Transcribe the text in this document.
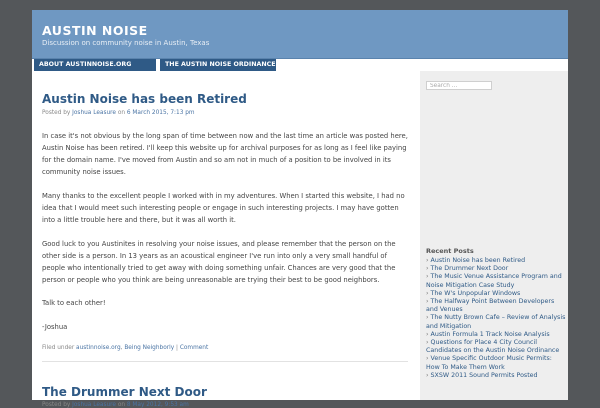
AUSTIN NOISE
Discussion on community noise in Austin, Texas
ABOUT AUSTINNOISE.ORG	THE AUSTIN NOISE ORDINANCE
Austin Noise has been Retired
Posted by Joshua Leasure on 6 March 2015, 7:13 pm

In case it's not obvious by the long span of time between now and the last time an article was posted here, Austin Noise has been retired. I'll keep this website up for archival purposes for as long as I feel like paying for the domain name. I've moved from Austin and so am not in much of a position to be involved in its community noise issues.

Many thanks to the excellent people I worked with in my adventures. When I started this website, I had no idea that I would meet such interesting people or engage in such interesting projects. I may have gotten into a little trouble here and there, but it was all worth it.

Good luck to you Austinites in resolving your noise issues, and please remember that the person on the other side is a person. In 13 years as an acoustical engineer I've run into only a very small handful of people who intentionally tried to get away with doing something unfair. Chances are very good that the person or people who you think are being unreasonable are trying their best to be good neighbors.

Talk to each other!

-Joshua

Filed under austinnoise.org, Being Neighborly | Comment
The Drummer Next Door
Posted by Joshua Leasure on 8 May 2012, 9:53 am
Search ...
Recent Posts
› Austin Noise has been Retired
› The Drummer Next Door
› The Music Venue Assistance Program and Noise Mitigation Case Study
› The W's Unpopular Windows
› The Halfway Point Between Developers and Venues
› The Nutty Brown Cafe – Review of Analysis and Mitigation
› Austin Formula 1 Track Noise Analysis
› Questions for Place 4 City Council Candidates on the Austin Noise Ordinance
› Venue Specific Outdoor Music Permits: How To Make Them Work
› SXSW 2011 Sound Permits Posted
